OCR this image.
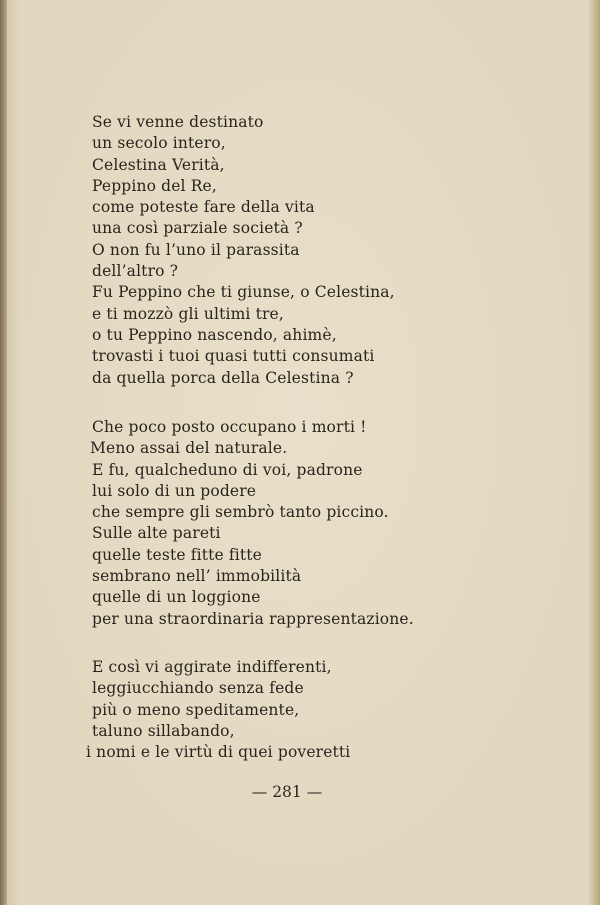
Se vi venne destinato
un secolo intero,
Celestina Verità,
Peppino del Re,
come poteste fare della vita
una così parziale società ?
O non fu l’uno il parassita
dell’altro ?
Fu Peppino che ti giunse, o Celestina,
e ti mozzò gli ultimi tre,
o tu Peppino nascendo, ahimè,
trovasti i tuoi quasi tutti consumati
da quella porca della Celestina ?
Che poco posto occupano i morti !
Meno assai del naturale.
E fu, qualcheduno di voi, padrone
lui solo di un podere
che sempre gli sembrò tanto piccino.
Sulle alte pareti
quelle teste fitte fitte
sembrano nell’ immobilità
quelle di un loggione
per una straordinaria rappresentazione.
E così vi aggirate indifferenti,
leggiucchiando senza fede
più o meno speditamente,
taluno sillabando,
i nomi e le virtù di quei poveretti
— 281 —
